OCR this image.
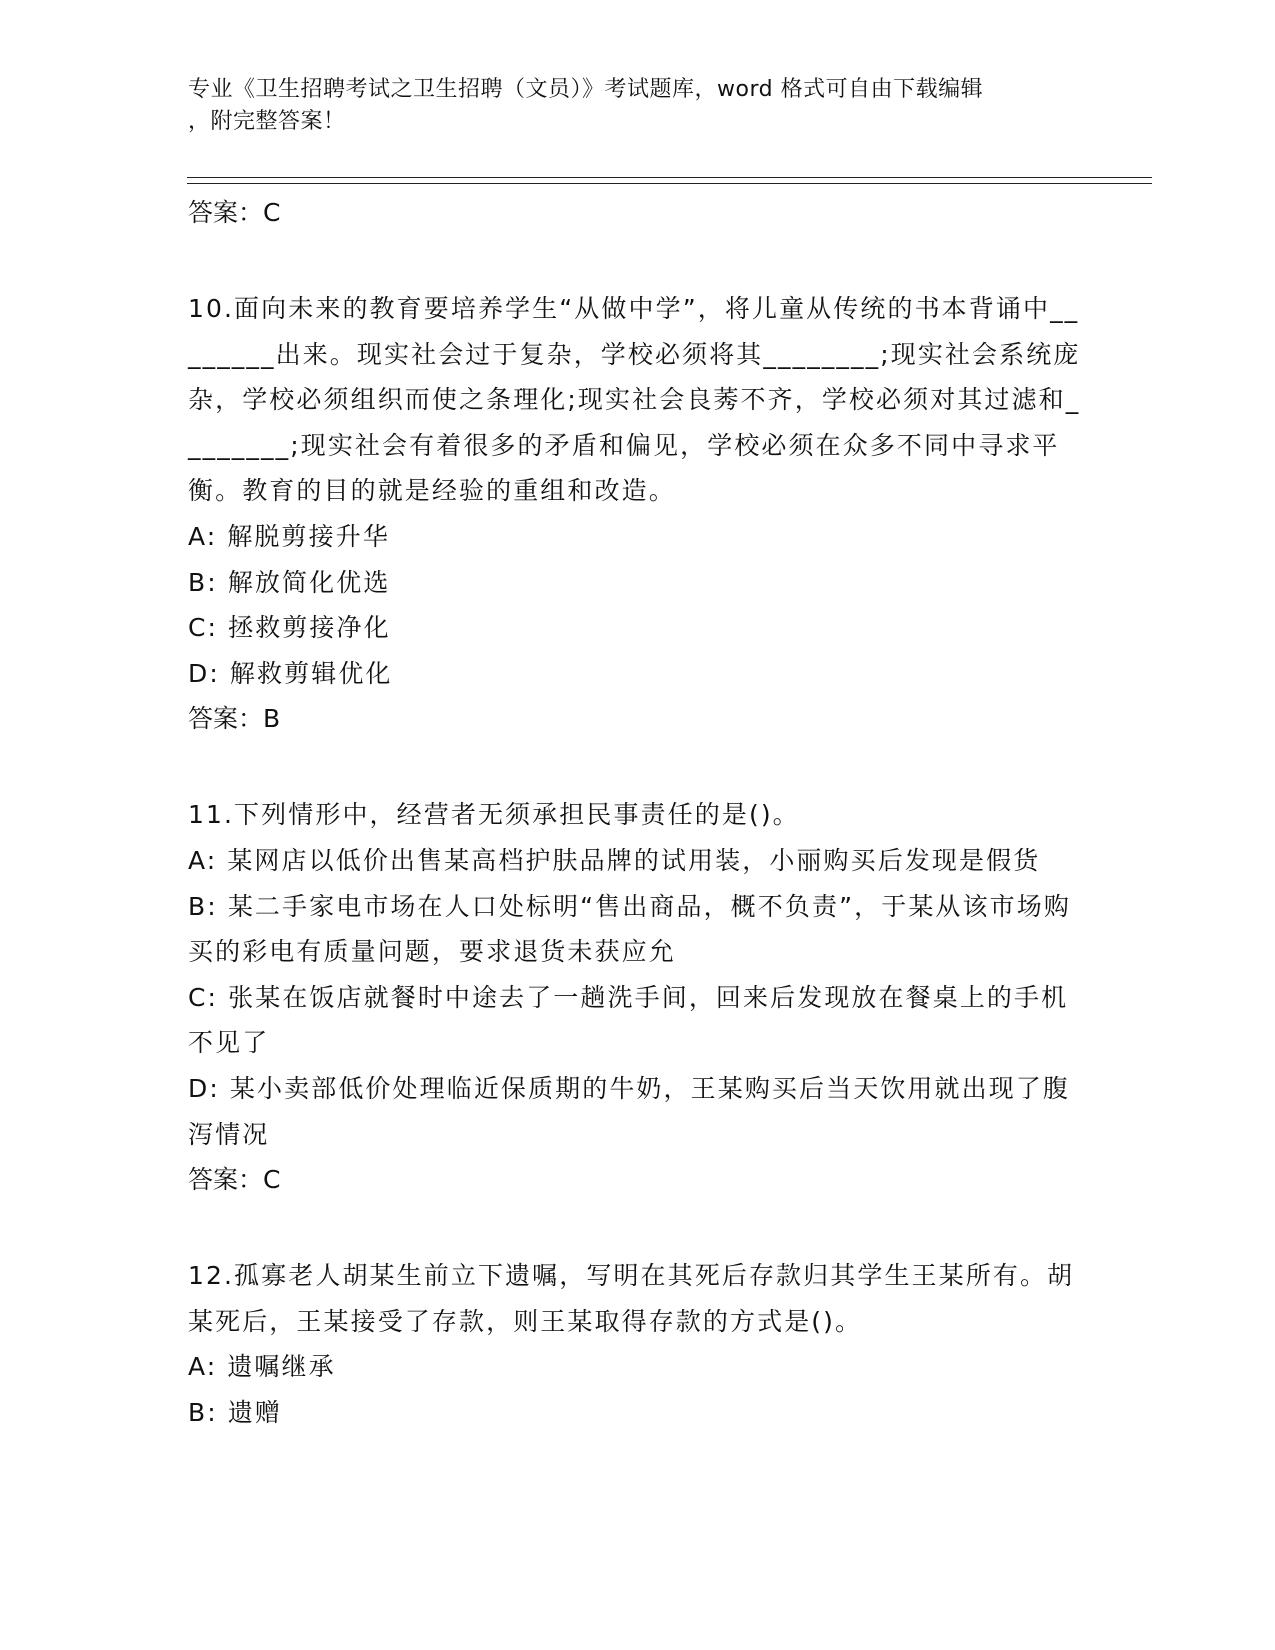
专业《卫生招聘考试之卫生招聘（文员）》考试题库，word 格式可自由下载编辑
，附完整答案！
答案：C
10.面向未来的教育要培养学生“从做中学”，将儿童从传统的书本背诵中________出来。现实社会过于复杂，学校必须将其________;现实社会系统庞杂，学校必须组织而使之条理化;现实社会良莠不齐，学校必须对其过滤和________;现实社会有着很多的矛盾和偏见，学校必须在众多不同中寻求平衡。教育的目的就是经验的重组和改造。
A: 解脱剪接升华
B: 解放简化优选
C: 拯救剪接净化
D: 解救剪辑优化
答案：B
11.下列情形中，经营者无须承担民事责任的是()。
A: 某网店以低价出售某高档护肤品牌的试用装，小丽购买后发现是假货
B: 某二手家电市场在人口处标明“售出商品，概不负责”，于某从该市场购买的彩电有质量问题，要求退货未获应允
C: 张某在饭店就餐时中途去了一趟洗手间，回来后发现放在餐桌上的手机不见了
D: 某小卖部低价处理临近保质期的牛奶，王某购买后当天饮用就出现了腹泻情况
答案：C
12.孤寡老人胡某生前立下遗嘱，写明在其死后存款归其学生王某所有。胡某死后，王某接受了存款，则王某取得存款的方式是()。
A: 遗嘱继承
B: 遗赠
